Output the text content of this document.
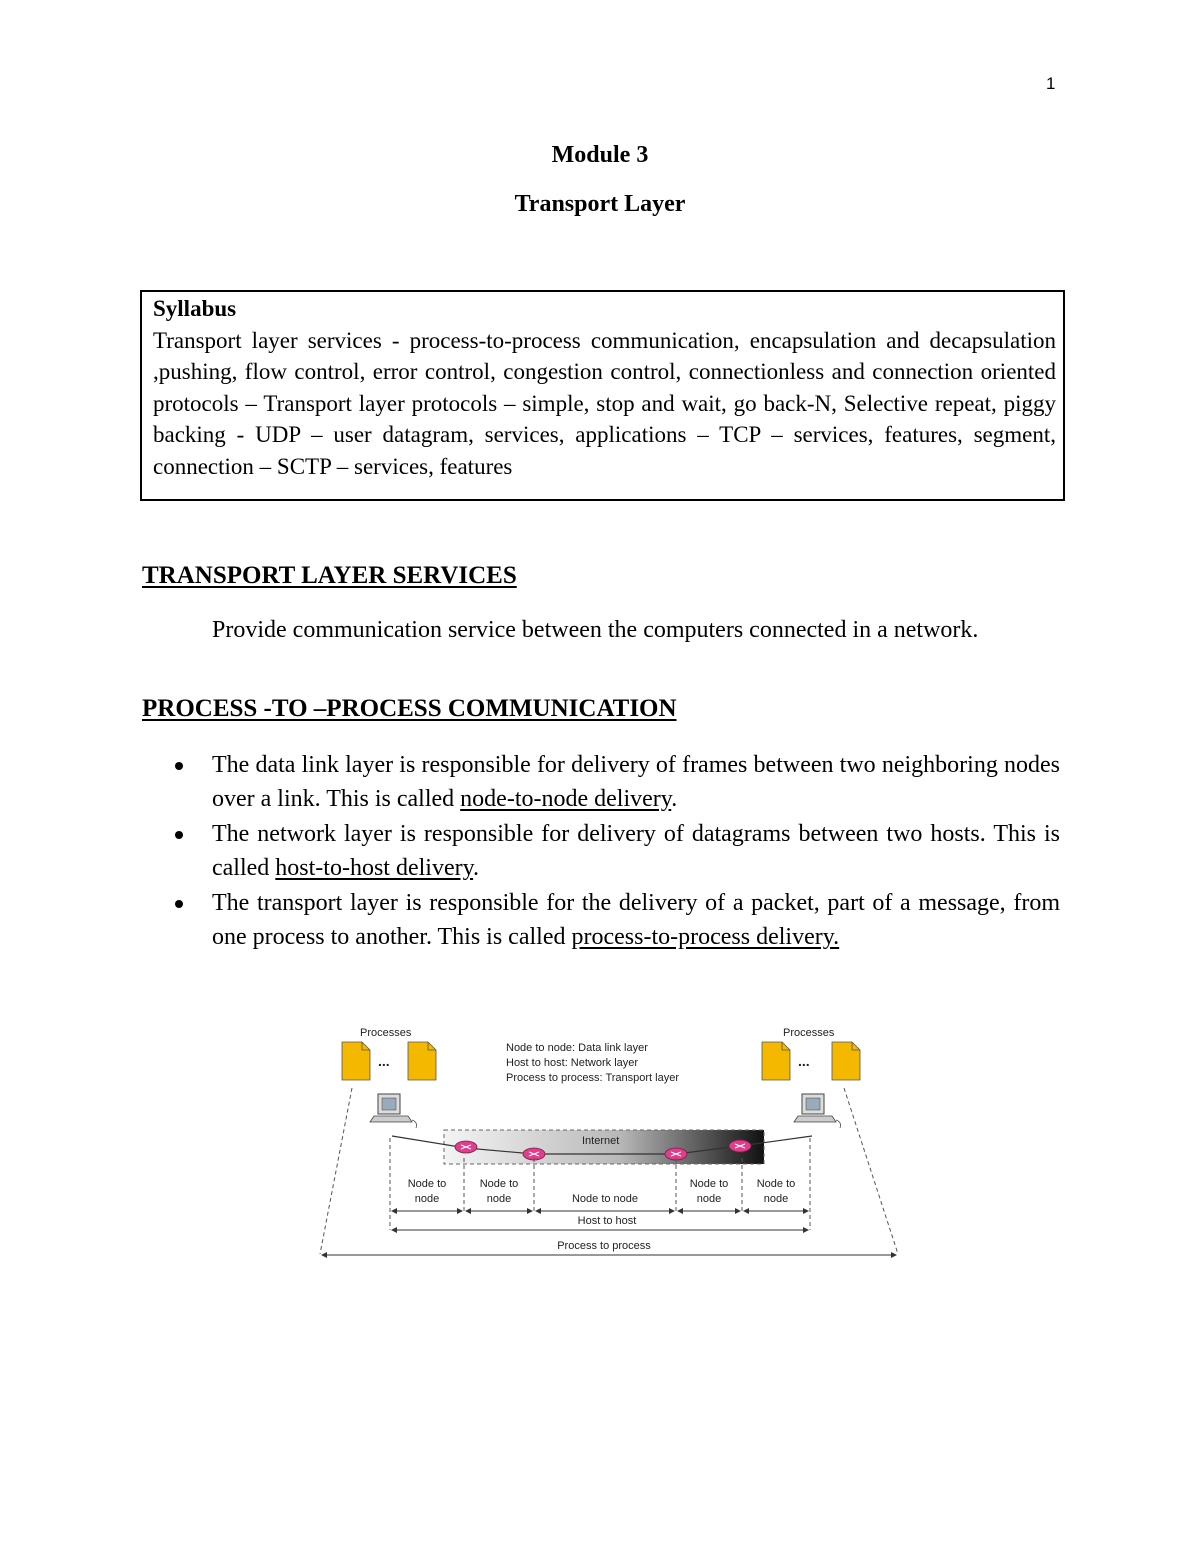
1
Module 3
Transport Layer
Syllabus
Transport layer services - process-to-process communication, encapsulation and decapsulation ,pushing, flow control, error control, congestion control, connectionless and connection oriented protocols – Transport layer protocols – simple, stop and wait, go back-N, Selective repeat, piggy backing - UDP – user datagram, services, applications – TCP – services, features, segment, connection – SCTP – services, features
TRANSPORT LAYER SERVICES
Provide communication service between the computers connected in a network.
PROCESS -TO –PROCESS COMMUNICATION
The data link layer is responsible for delivery of frames between two neighboring nodes over a link. This is called node-to-node delivery.
The network layer is responsible for delivery of datagrams between two hosts. This is called host-to-host delivery.
The transport layer is responsible for the delivery of a packet, part of a message, from one process to another. This is called process-to-process delivery.
Processes	Processes
...	...
Node to node: Data link layer
Host to host: Network layer
Process to process: Transport layer
Internet
Node to
node
Node to
node	Node to node
Node to
node
Node to
node
Host to host
Process to process
